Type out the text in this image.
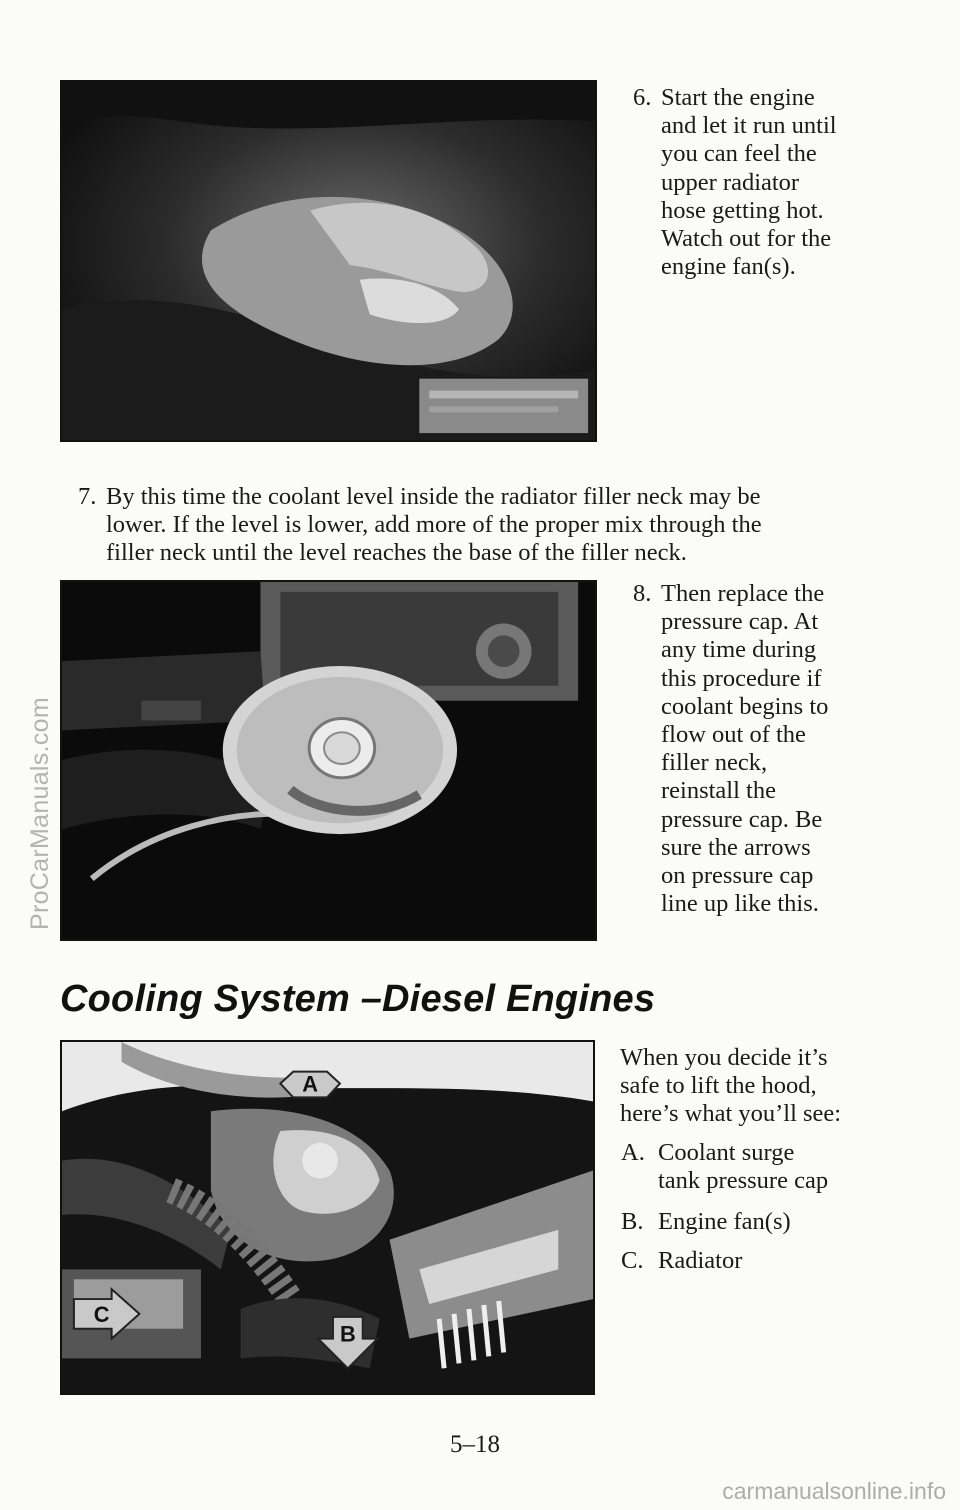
6. Start the engine
and let it run until
you can feel the
upper radiator
hose getting hot.
Watch out for the
engine fan(s).
7. By this time the coolant level inside the radiator filler neck may be
lower. If the level is lower, add more of the proper mix through the
filler neck until the level reaches the base of the filler neck.
8. Then replace the
pressure cap. At
any time during
this procedure if
coolant begins to
flow out of the
filler neck,
reinstall the
pressure cap. Be
sure the arrows
on pressure cap
line up like this.
Cooling System –Diesel Engines
A
C
B
When you decide it’s
safe to lift the hood,
here’s what you’ll see:
A. Coolant surge
tank pressure cap
B. Engine fan(s)
C. Radiator
5–18
ProCarManuals.com
carmanualsonline.info
